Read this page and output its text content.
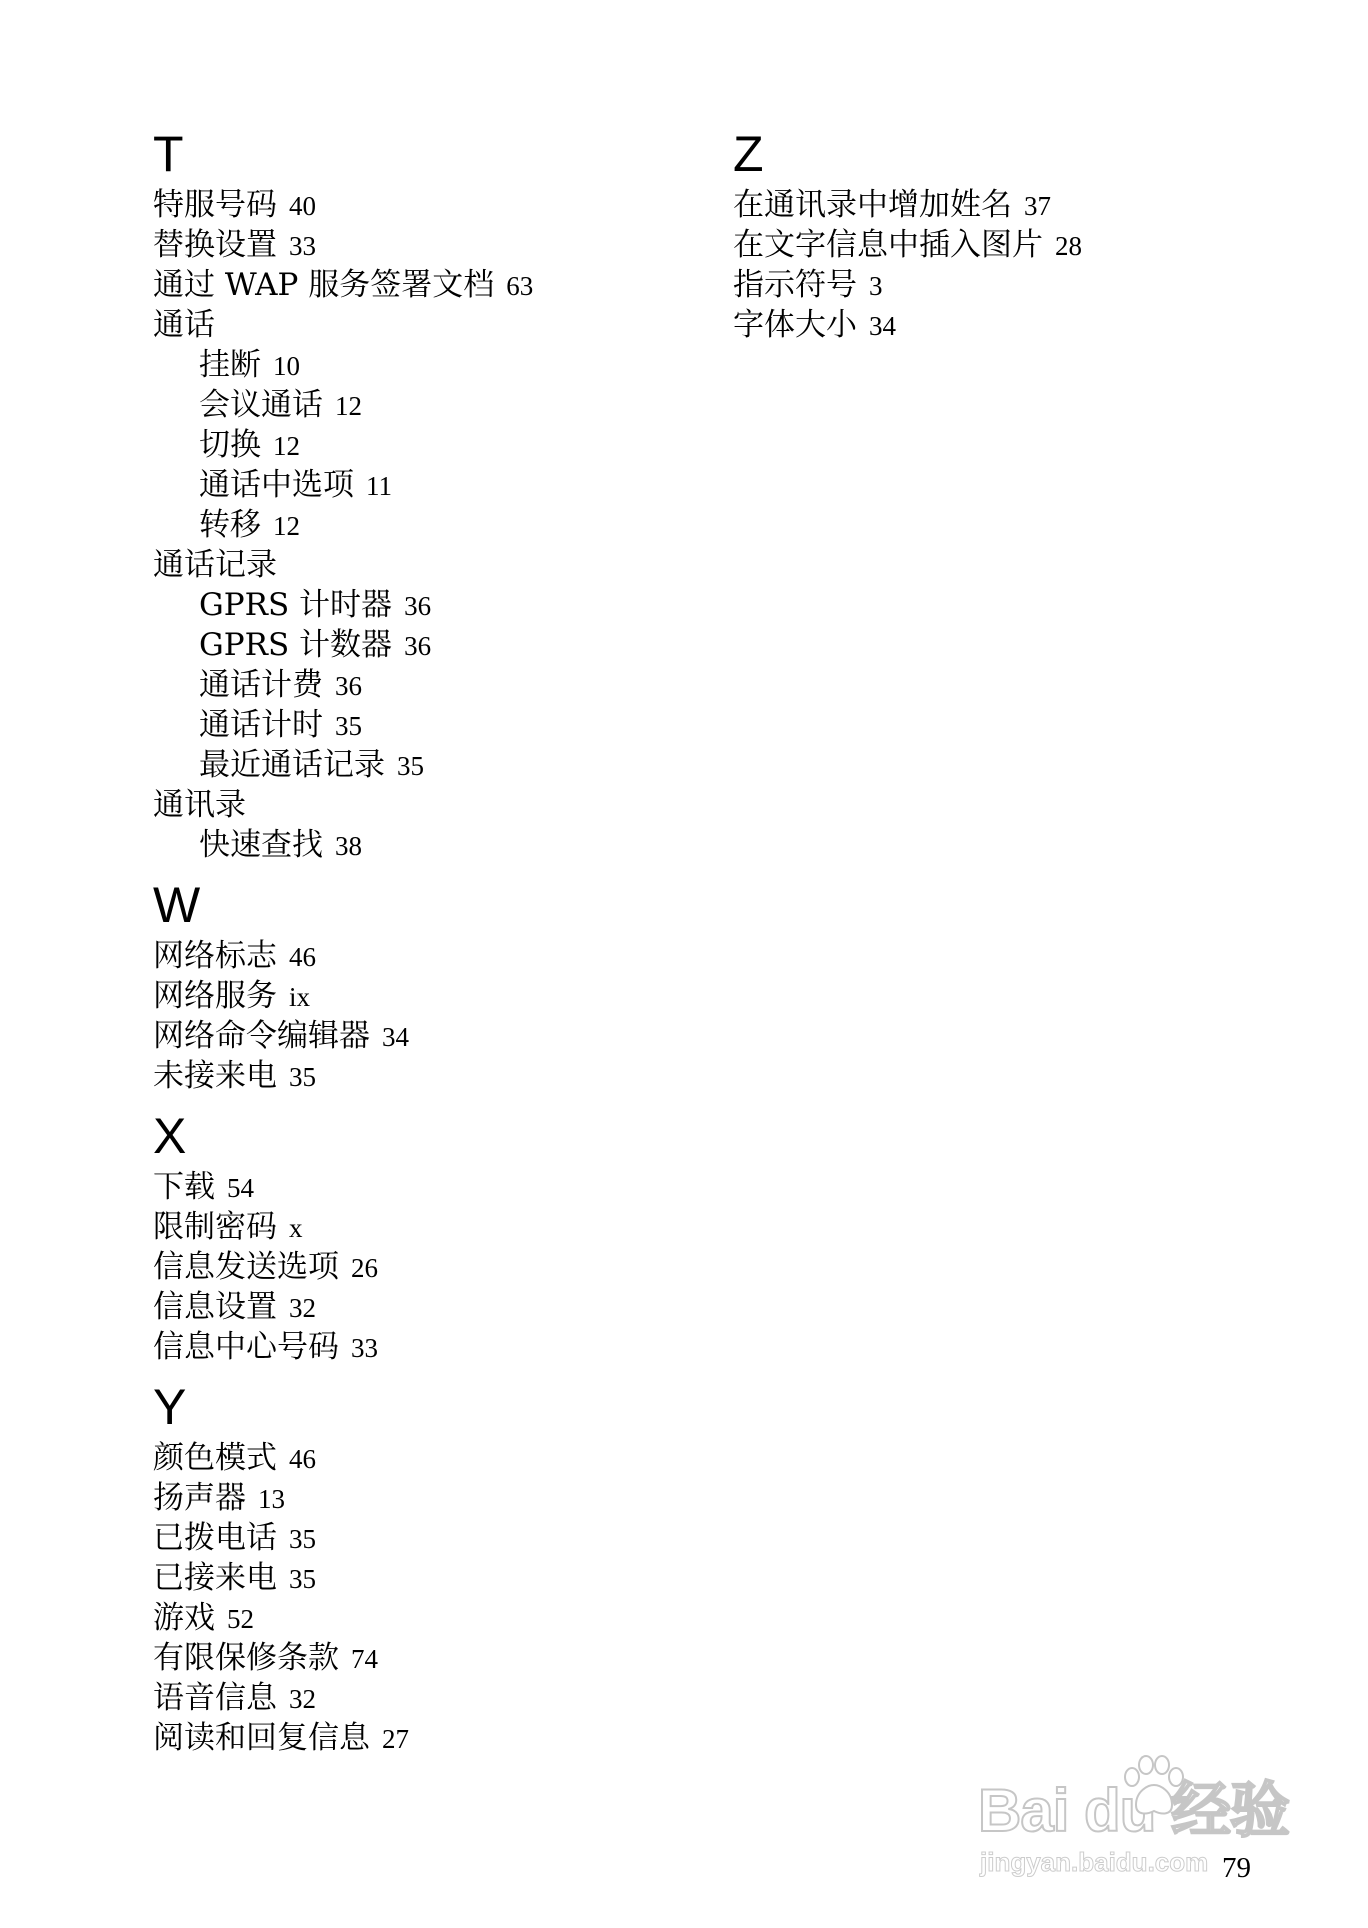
T
特服号码 40
替换设置 33
通过 WAP 服务签署文档 63
通话
挂断 10
会议通话 12
切换 12
通话中选项 11
转移 12
通话记录
GPRS 计时器 36
GPRS 计数器 36
通话计费 36
通话计时 35
最近通话记录 35
通讯录
快速查找 38
W
网络标志 46
网络服务 ix
网络命令编辑器 34
未接来电 35
X
下载 54
限制密码 x
信息发送选项 26
信息设置 32
信息中心号码 33
Y
颜色模式 46
扬声器 13
已拨电话 35
已接来电 35
游戏 52
有限保修条款 74
语音信息 32
阅读和回复信息 27
Z
在通讯录中增加姓名 37
在文字信息中插入图片 28
指示符号 3
字体大小 34
79
Bai du 经验
jingyan.baidu.com
